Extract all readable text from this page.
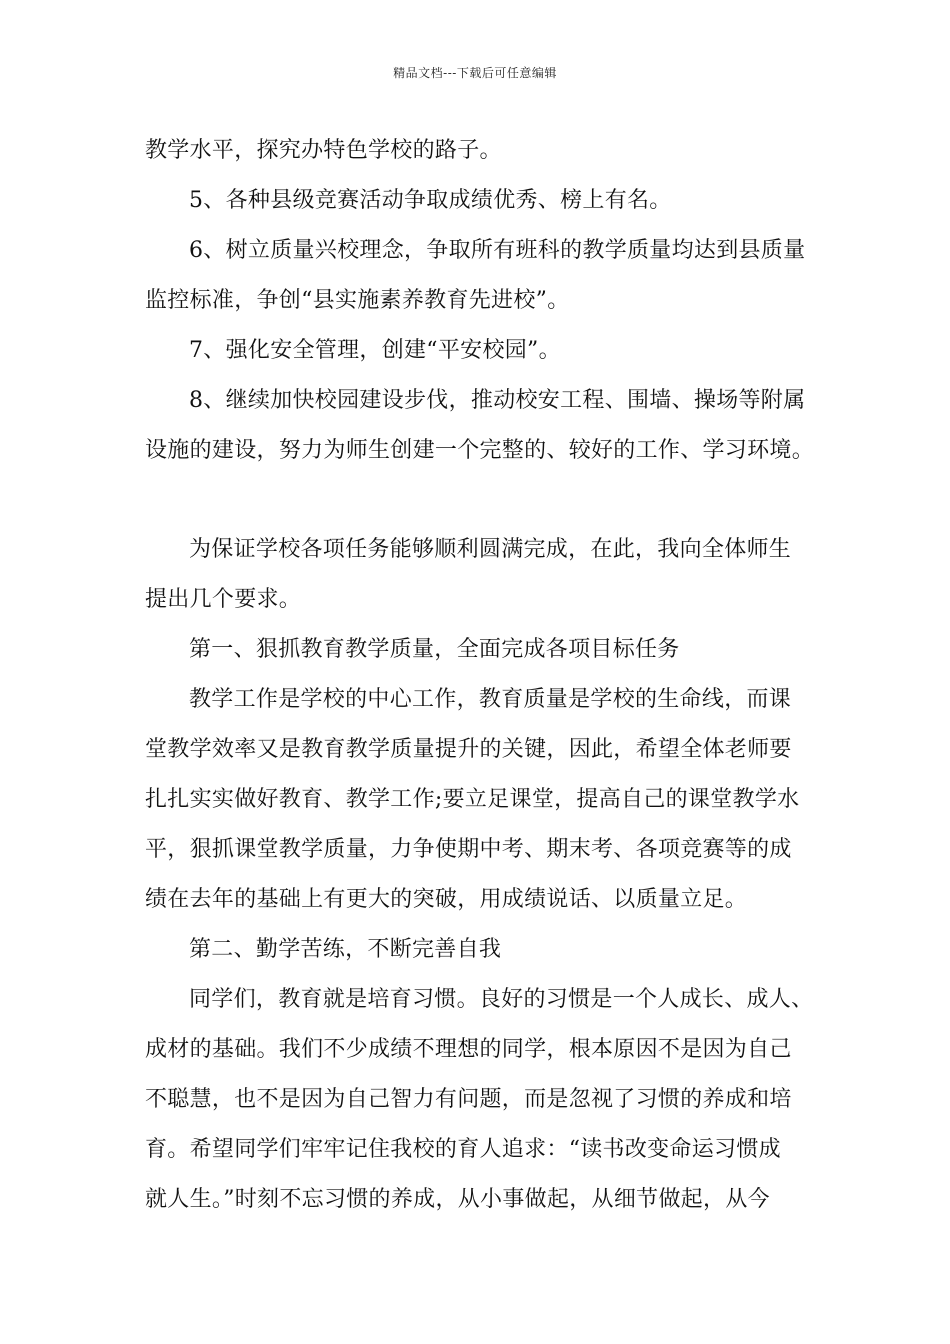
精品文档---下载后可任意编辑
教学水平，探究办特色学校的路子。
5、各种县级竞赛活动争取成绩优秀、榜上有名。
6、树立质量兴校理念，争取所有班科的教学质量均达到县质量
监控标准，争创“县实施素养教育先进校”。
7、强化安全管理，创建“平安校园”。
8、继续加快校园建设步伐，推动校安工程、围墙、操场等附属
设施的建设，努力为师生创建一个完整的、较好的工作、学习环境。
为保证学校各项任务能够顺利圆满完成，在此，我向全体师生
提出几个要求。
第一、狠抓教育教学质量，全面完成各项目标任务
教学工作是学校的中心工作，教育质量是学校的生命线，而课
堂教学效率又是教育教学质量提升的关键，因此，希望全体老师要
扎扎实实做好教育、教学工作;要立足课堂，提高自己的课堂教学水
平，狠抓课堂教学质量，力争使期中考、期末考、各项竞赛等的成
绩在去年的基础上有更大的突破，用成绩说话、以质量立足。
第二、勤学苦练，不断完善自我
同学们，教育就是培育习惯。良好的习惯是一个人成长、成人、
成材的基础。我们不少成绩不理想的同学，根本原因不是因为自己
不聪慧，也不是因为自己智力有问题，而是忽视了习惯的养成和培
育。希望同学们牢牢记住我校的育人追求：“读书改变命运习惯成
就人生。”时刻不忘习惯的养成，从小事做起，从细节做起，从今
